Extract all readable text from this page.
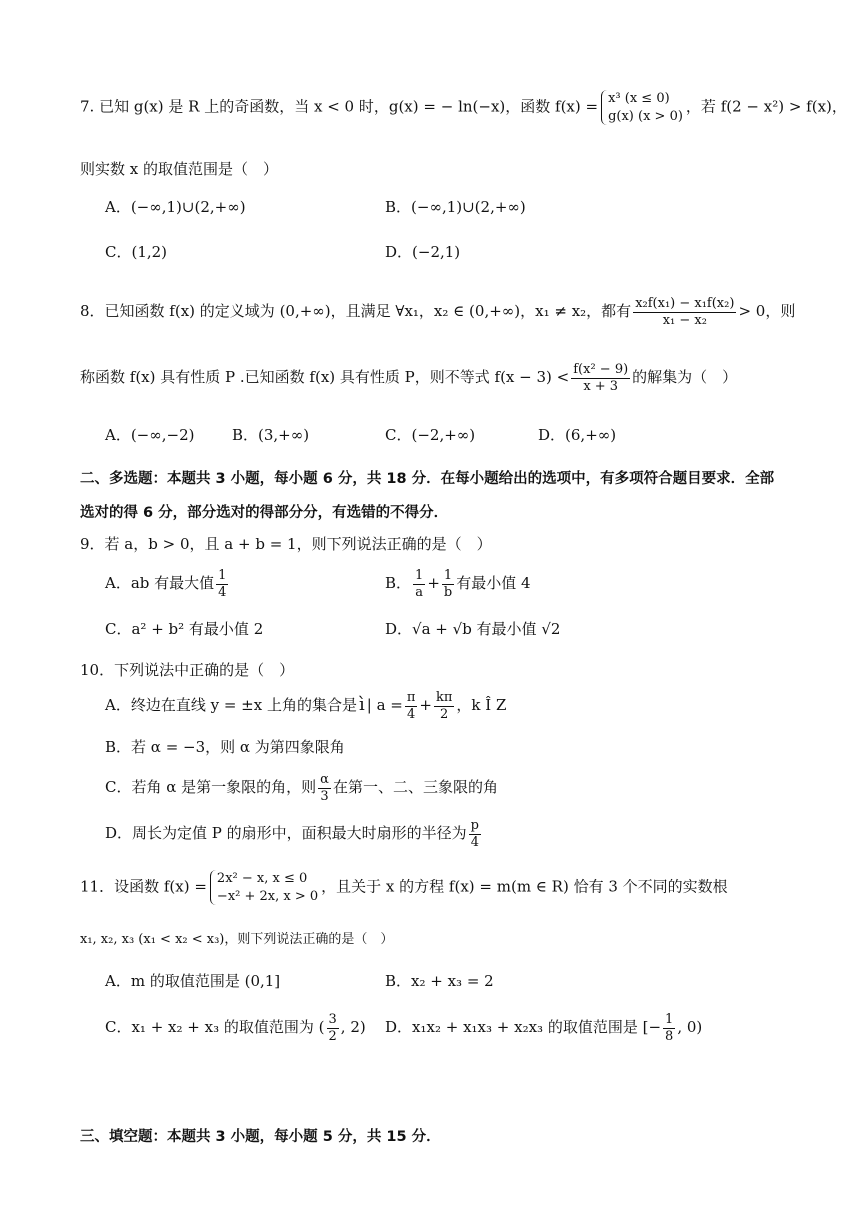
7. 已知 g(x) 是 R 上的奇函数，当 x < 0 时，g(x) = − ln(−x)，函数 f(x) = x³ (x ≤ 0)
g(x) (x > 0)
，若 f(2 − x²) > f(x)，
则实数 x 的取值范围是（　）
A．(−∞,1)∪(2,+∞)	B．(−∞,1)∪(2,+∞)
C．(1,2)	D．(−2,1)
8．已知函数 f(x) 的定义域为 (0,+∞)，且满足 ∀x₁，x₂ ∈ (0,+∞)，x₁ ≠ x₂，都有 $\frac{\text{x₂f(x₁) − x₁f(x₂)}}{\text{x₁ − x₂}} > 0$，则
称函数 f(x) 具有性质 P .已知函数 f(x) 具有性质 P，则不等式 $f(x - 3) < \frac{\text{f(x² − 9)}}{x + 3}$ 的解集为（　）
A．(−∞,−2)	B．(3,+∞)	C．(−2,+∞)	D．(6,+∞)
二、多选题：本题共 3 小题，每小题 6 分，共 18 分．在每小题给出的选项中，有多项符合题目要求．全部
选对的得 6 分，部分选对的得部分分，有选错的不得分．
9．若 a，b > 0，且 a + b = 1，则下列说法正确的是（　）
A．ab 有最大值 $\frac{1}{4}$	B． $\frac{1}{a} + \frac{1}{b}$ 有最小值 4
C．a² + b² 有最小值 2	D．√a + √b 有最小值 √2
10．下列说法中正确的是（　）
A．终边在直线 y = ±x 上角的集合是 ì | $a = \frac{\pi}{4} + \frac{k\pi}{2}$ ，k Î Z
B．若 α = −3，则 α 为第四象限角
C．若角 α 是第一象限的角，则 $\frac{\alpha}{3}$ 在第一、二、三象限的角
D．周长为定值 P 的扇形中，面积最大时扇形的半径为 $\frac{p}{4}$
11．设函数 f(x) = 2x² − x, x ≤ 0
−x² + 2x, x > 0
，且关于 x 的方程 f(x) = m(m ∈ R) 恰有 3 个不同的实数根
x₁, x₂, x₃ (x₁ < x₂ < x₃)，则下列说法正确的是（　）
A．m 的取值范围是 (0,1]	B．x₂ + x₃ = 2
C．x₁ + x₂ + x₃ 的取值范围为 ( $\frac{3}{2}$ , 2) D．x₁x₂ + x₁x₃ + x₂x₃ 的取值范围是 [− $\frac{1}{8}$ , 0)
三、填空题：本题共 3 小题，每小题 5 分，共 15 分．
